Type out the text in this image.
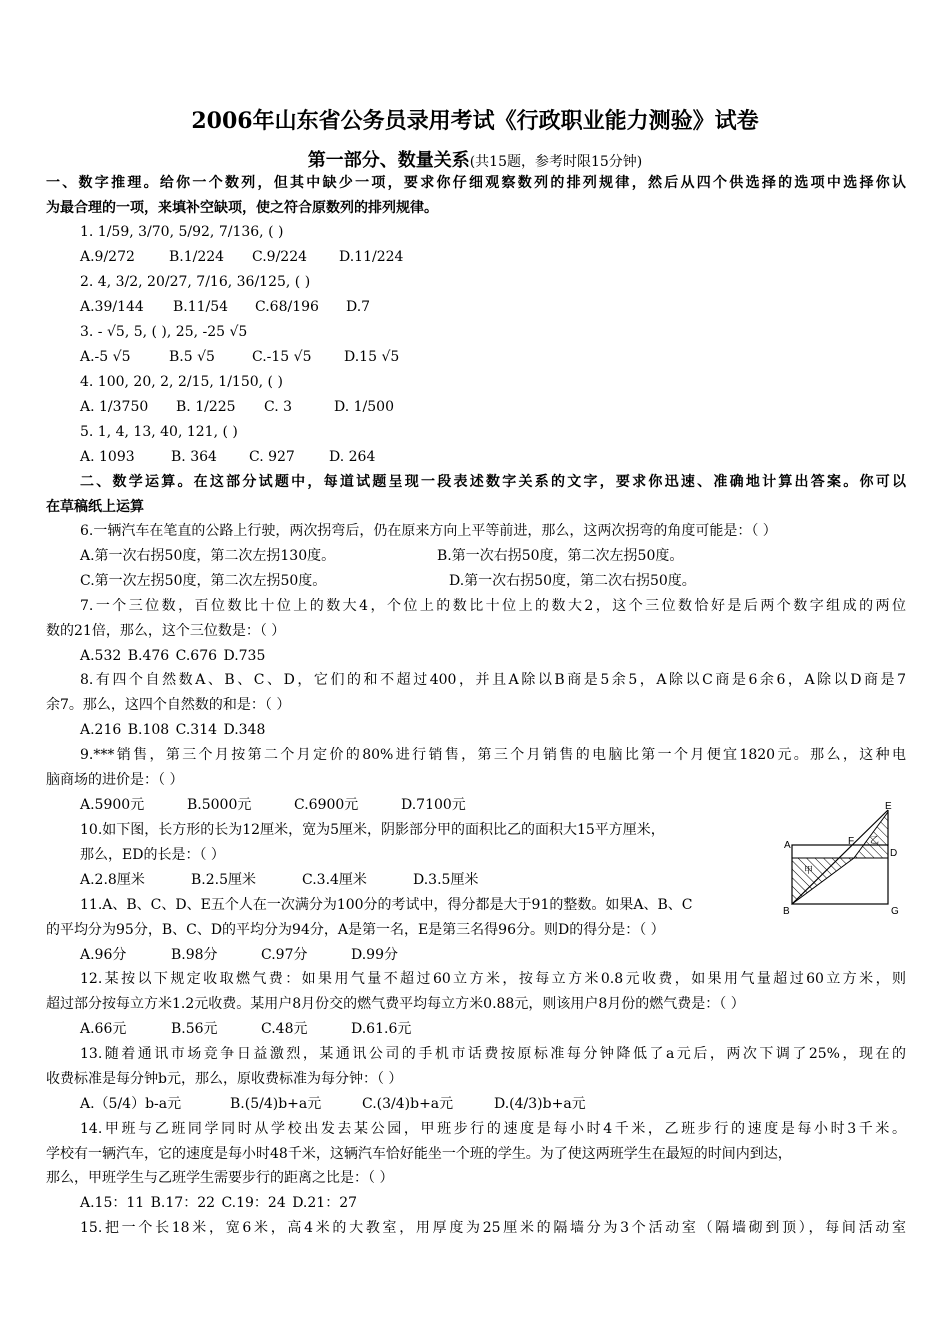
2006年山东省公务员录用考试《行政职业能力测验》试卷
第一部分、数量关系(共15题，参考时限15分钟)
一、数字推理。给你一个数列，但其中缺少一项，要求你仔细观察数列的排列规律，然后从四个供选择的选项中选择你认
为最合理的一项，来填补空缺项，使之符合原数列的排列规律。
1. 1/59, 3/70, 5/92, 7/136, ( )
A.9/272 B.1/224 C.9/224 D.11/224
2. 4, 3/2, 20/27, 7/16, 36/125, ( )
A.39/144 B.11/54 C.68/196 D.7
3. - √5, 5, ( ), 25, -25 √5
A.-5 √5	B.5 √5	C.-15 √5 D.15 √5
4. 100, 20, 2, 2/15, 1/150, ( )
A. 1/3750 B. 1/225 C. 3	D. 1/500
5. 1, 4, 13, 40, 121, ( )
A. 1093	B. 364 C. 927 D. 264
二、数学运算。在这部分试题中，每道试题呈现一段表述数字关系的文字，要求你迅速、准确地计算出答案。你可以
在草稿纸上运算
6.一辆汽车在笔直的公路上行驶，两次拐弯后，仍在原来方向上平等前进，那么，这两次拐弯的角度可能是：（ ）
A.第一次右拐50度，第二次左拐130度。	B.第一次右拐50度，第二次左拐50度。
C.第一次左拐50度，第二次左拐50度。	D.第一次右拐50度，第二次右拐50度。
7.一个三位数，百位数比十位上的数大4，个位上的数比十位上的数大2，这个三位数恰好是后两个数字组成的两位
数的21倍，那么，这个三位数是：（ ）
A.532 B.476 C.676 D.735
8.有四个自然数A、B、C、D，它们的和不超过400，并且A除以B商是5余5，A除以C商是6余6，A除以D商是7
余7。那么，这四个自然数的和是：（ ）
A.216 B.108 C.314 D.348
9.***销售，第三个月按第二个月定价的80%进行销售，第三个月销售的电脑比第一个月便宜1820元。那么，这种电
脑商场的进价是：（ ）
A.5900元	B.5000元	C.6900元	D.7100元
10.如下图，长方形的长为12厘米，宽为5厘米，阴影部分甲的面积比乙的面积大15平方厘米，
那么，ED的长是：（ ）
A.2.8厘米	B.2.5厘米	C.3.4厘米	D.3.5厘米
E
A	F
D
B	G
甲
乙
11.A、B、C、D、E五个人在一次满分为100分的考试中，得分都是大于91的整数。如果A、B、C
的平均分为95分，B、C、D的平均分为94分，A是第一名，E是第三名得96分。则D的得分是：（ ）
A.96分	B.98分	C.97分	D.99分
12.某按以下规定收取燃气费：如果用气量不超过60立方米，按每立方米0.8元收费，如果用气量超过60立方米，则
超过部分按每立方米1.2元收费。某用户8月份交的燃气费平均每立方米0.88元，则该用户8月份的燃气费是：（ ）
A.66元	B.56元	C.48元	D.61.6元
13.随着通讯市场竞争日益激烈，某通讯公司的手机市话费按原标准每分钟降低了a元后，两次下调了25%，现在的
收费标准是每分钟b元，那么，原收费标准为每分钟：（ ）
A.（5/4）b-a元	B.(5/4)b+a元	C.(3/4)b+a元	D.(4/3)b+a元
14.甲班与乙班同学同时从学校出发去某公园，甲班步行的速度是每小时4千米，乙班步行的速度是每小时3千米。
学校有一辆汽车，它的速度是每小时48千米，这辆汽车恰好能坐一个班的学生。为了使这两班学生在最短的时间内到达，
那么，甲班学生与乙班学生需要步行的距离之比是：（ ）
A.15：11 B.17：22 C.19：24 D.21：27
15.把一个长18米，宽6米，高4米的大教室，用厚度为25厘米的隔墙分为3个活动室（隔墙砌到顶），每间活动室
